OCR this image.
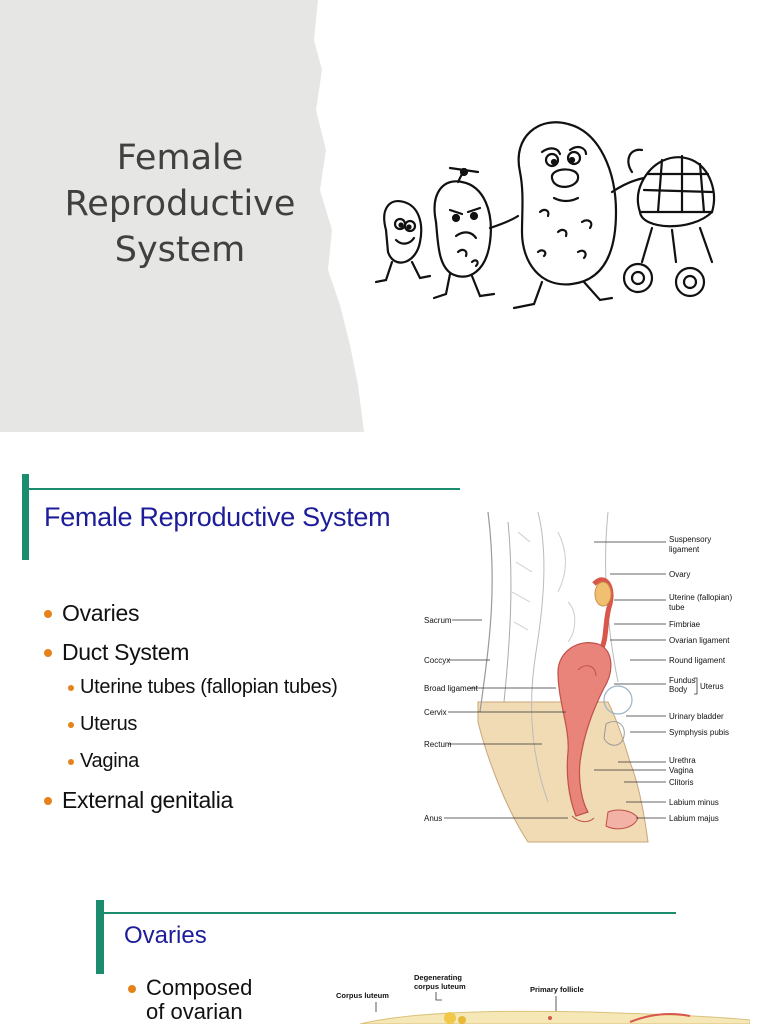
Female
Reproductive
System
Female Reproductive System
Ovaries
Duct System
Uterine tubes (fallopian tubes)
Uterus
Vagina
External genitalia
Sacrum
Coccyx
Broad ligament
Cervix
Rectum
Anus
Suspensory
ligament
Ovary
Uterine (fallopian)
tube
Fimbriae
Ovarian ligament
Round ligament
Fundus
Body Uterus
Urinary bladder
Symphysis pubis
Urethra
Vagina
Clitoris
Labium minus
Labium majus
Ovaries
Composed
of ovarian
Degenerating
corpus luteum	Primary follicle
Corpus luteum
